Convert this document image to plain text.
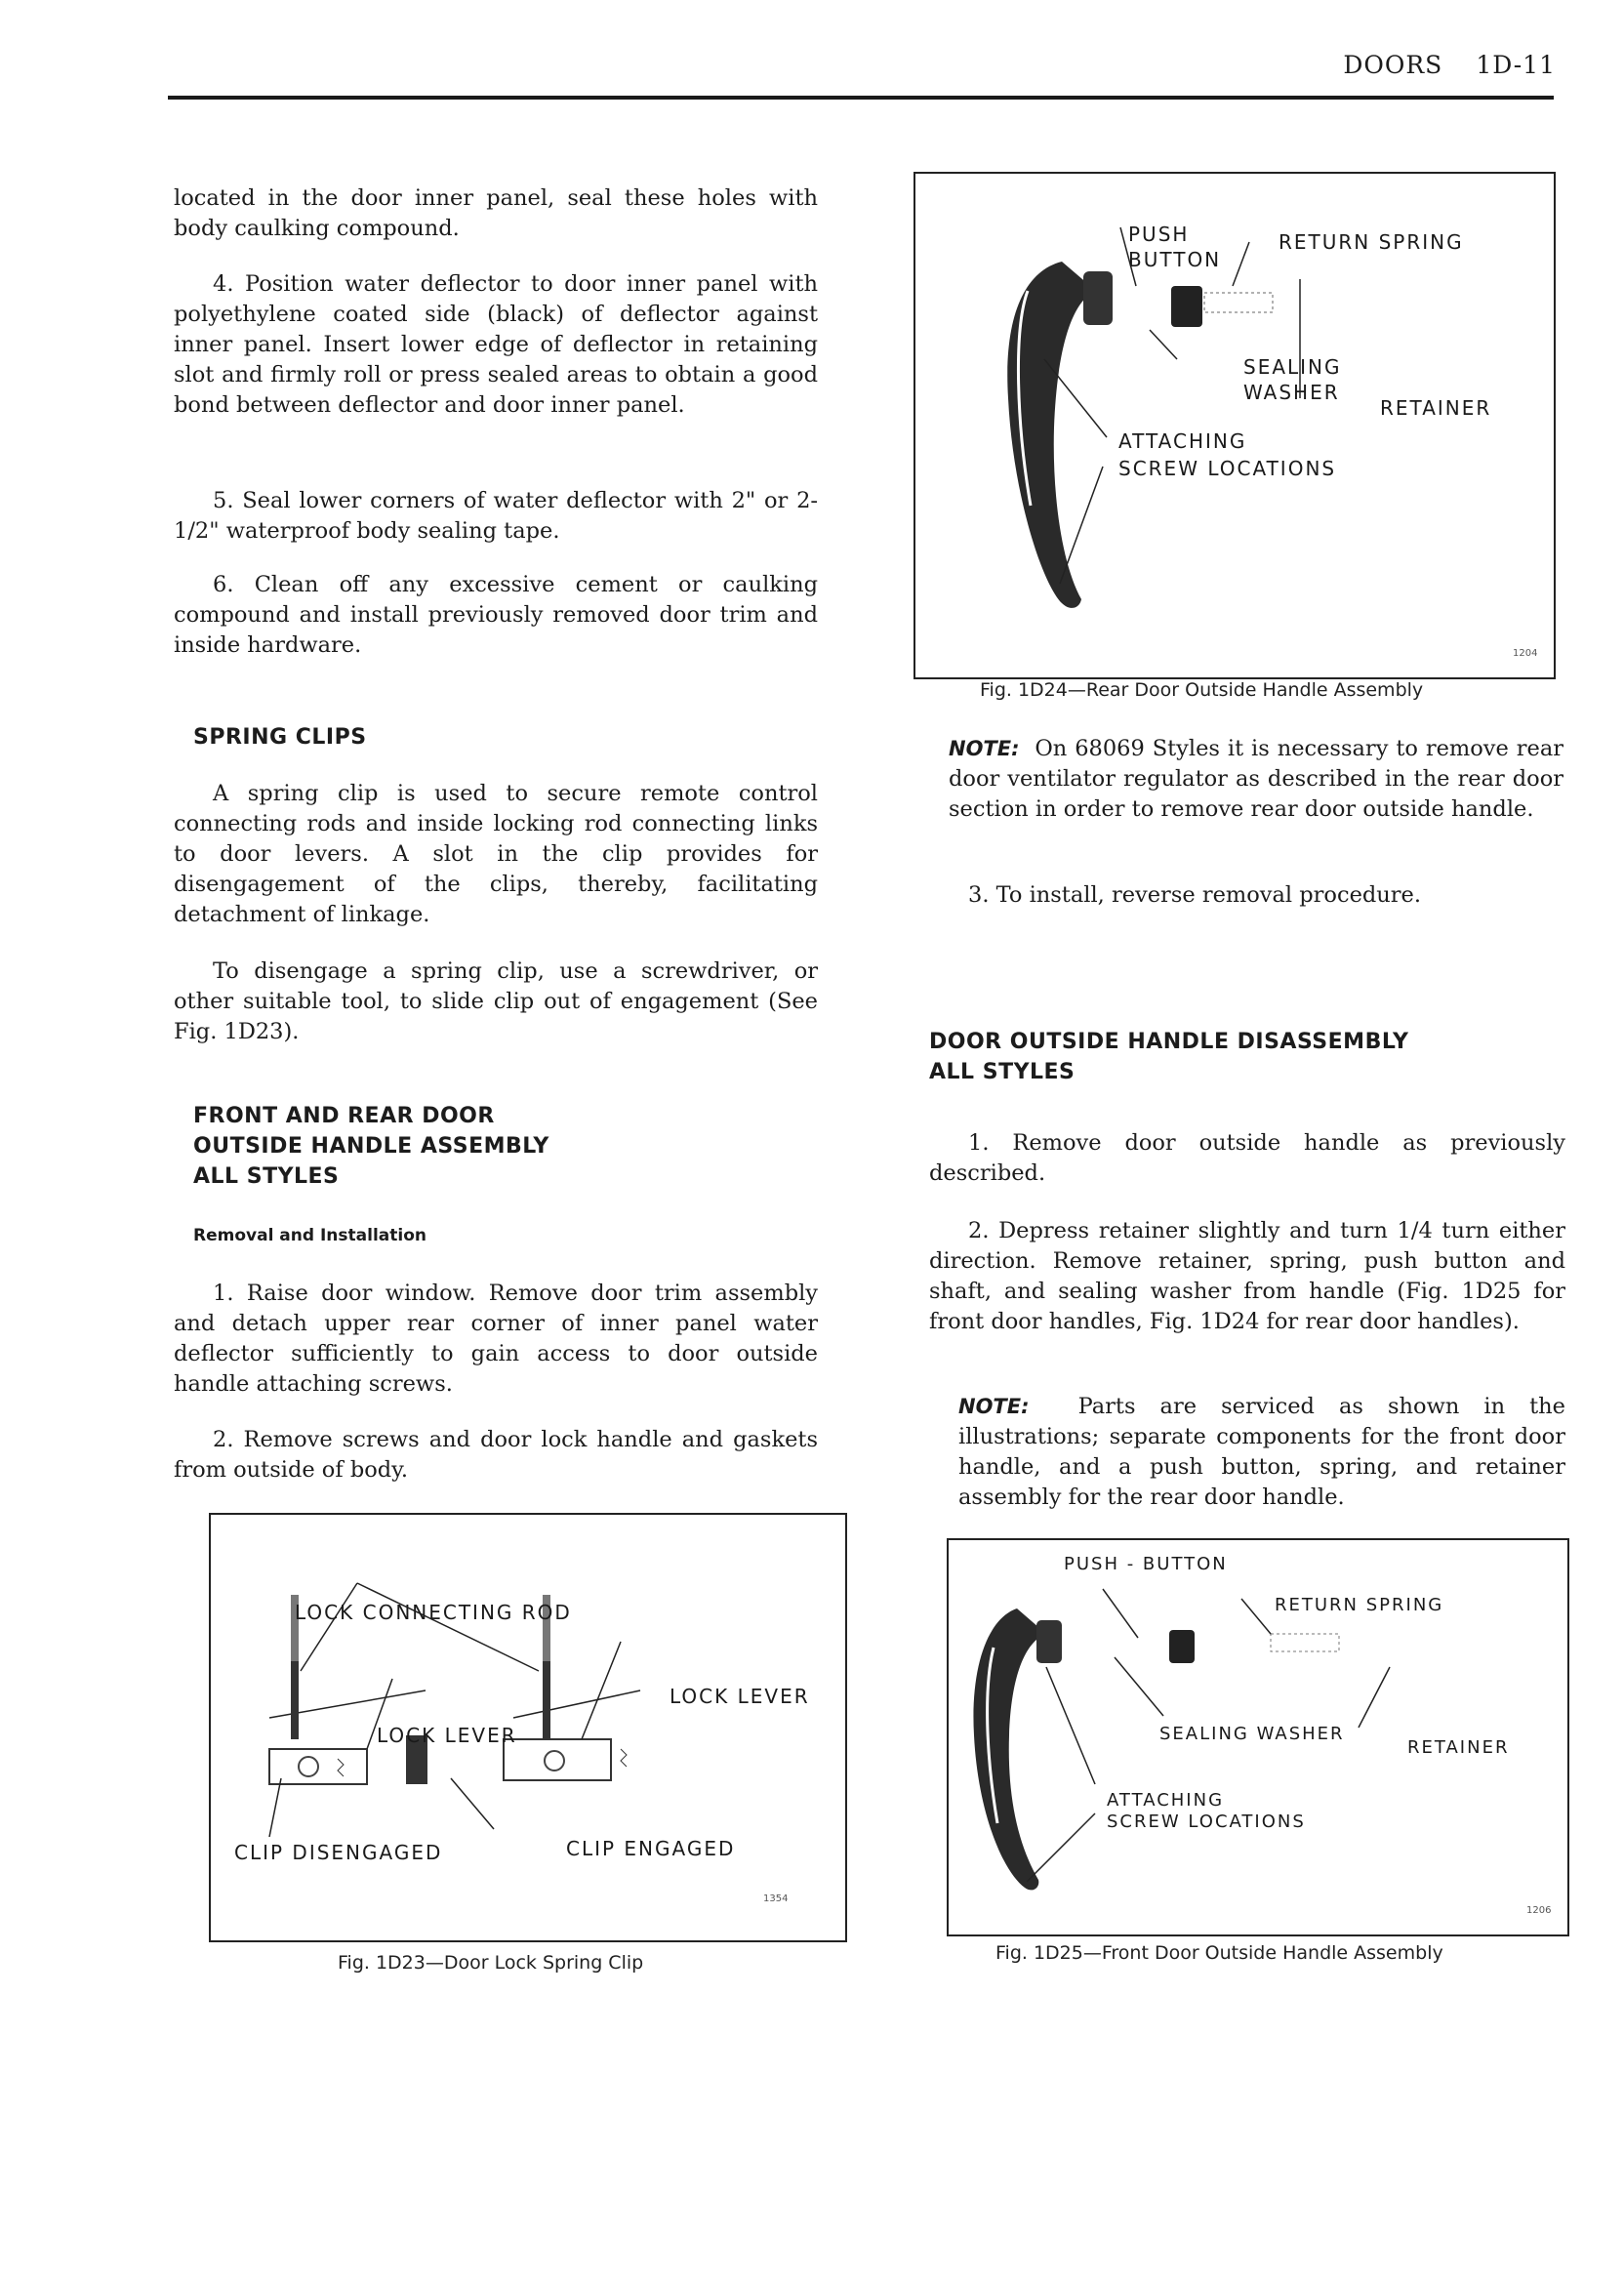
DOORS 1D-11

located in the door inner panel, seal these holes with body caulking compound.

4. Position water deflector to door inner panel with polyethylene coated side (black) of deflector against inner panel. Insert lower edge of deflector in retaining slot and firmly roll or press sealed areas to obtain a good bond between deflector and door inner panel.

5. Seal lower corners of water deflector with 2" or 2-1/2" waterproof body sealing tape.

6. Clean off any excessive cement or caulking compound and install previously removed door trim and inside hardware.

SPRING CLIPS

A spring clip is used to secure remote control connecting rods and inside locking rod connecting links to door levers. A slot in the clip provides for disengagement of the clips, thereby, facilitating detachment of linkage.

To disengage a spring clip, use a screwdriver, or other suitable tool, to slide clip out of engagement (See Fig. 1D23).

FRONT AND REAR DOOR
OUTSIDE HANDLE ASSEMBLY
ALL STYLES
Removal and Installation

1. Raise door window. Remove door trim assembly and detach upper rear corner of inner panel water deflector sufficiently to gain access to door outside handle attaching screws.

2. Remove screws and door lock handle and gaskets from outside of body.

NOTE: On 68069 Styles it is necessary to remove rear door ventilator regulator as described in the rear door section in order to remove rear door outside handle.

3. To install, reverse removal procedure.

DOOR OUTSIDE HANDLE DISASSEMBLY
ALL STYLES

1. Remove door outside handle as previously described.

2. Depress retainer slightly and turn 1/4 turn either direction. Remove retainer, spring, push button and shaft, and sealing washer from handle (Fig. 1D25 for front door handles, Fig. 1D24 for rear door handles).

NOTE: Parts are serviced as shown in the illustrations; separate components for the front door handle, and a push button, spring, and retainer assembly for the rear door handle.

PUSH
BUTTON
RETURN SPRING
SEALING
WASHER
RETAINER
ATTACHING
SCREW LOCATIONS
1204
Fig. 1D24—Rear Door Outside Handle Assembly
LOCK CONNECTING ROD
LOCK LEVER
LOCK LEVER
CLIP DISENGAGED	CLIP ENGAGED
1354
Fig. 1D23—Door Lock Spring Clip
PUSH - BUTTON
RETURN SPRING
SEALING WASHER
RETAINER
ATTACHING
SCREW LOCATIONS
1206
Fig. 1D25—Front Door Outside Handle Assembly
